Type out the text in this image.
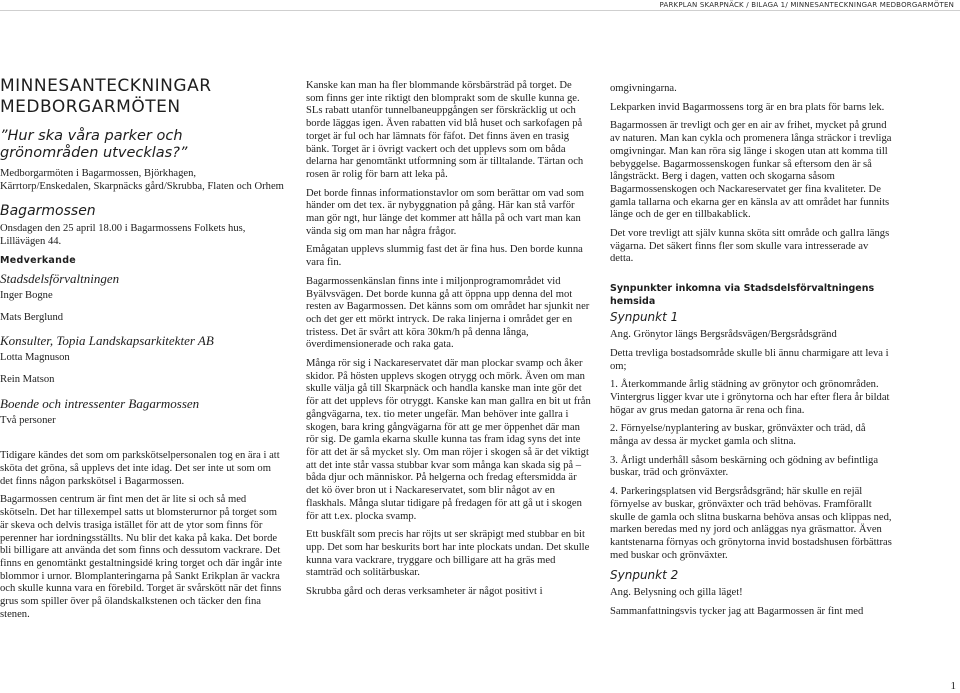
PARKPLAN SKARPNÄCK / BILAGA 1/ MINNESANTECKNINGAR MEDBORGARMÖTEN
MINNESANTECKNINGAR MEDBORGARMÖTEN
”Hur ska våra parker och grönområden utvecklas?”

Medborgarmöten i Bagarmossen, Björkhagen, Kärrtorp/Enskedalen, Skarpnäcks gård/Skrubba, Flaten och Orhem

Bagarmossen

Onsdagen den 25 april 18.00 i Bagarmossens Folkets hus, Lillävägen 44.

Medverkande
Stadsdelsförvaltningen
Inger Bogne
Mats Berglund
Konsulter, Topia Landskapsarkitekter AB
Lotta Magnuson
Rein Matson
Boende och intressenter Bagarmossen
Två personer

Tidigare kändes det som om parkskötselpersonalen tog en ära i att sköta det gröna, så upplevs det inte idag. Det ser inte ut som om det finns någon parkskötsel i Bagarmossen.

Bagarmossen centrum är fint men det är lite si och så med skötseln. Det har tillexempel satts ut blomsterurnor på torget som är skeva och delvis trasiga istället för att de ytor som finns för perenner har iordningsställts. Nu blir det kaka på kaka. Det borde bli billigare att använda det som finns och dessutom vackrare. Det finns en genomtänkt gestaltningsidé kring torget och där ingår inte blommor i urnor. Blomplanteringarna på Sankt Erikplan är vackra och skulle kunna vara en förebild. Torget är svårskött när det finns grus som spiller över på ölandskalkstenen och täcker den fina stenen.

Kanske kan man ha fler blommande körsbärsträd på torget. De som finns ger inte riktigt den blomprakt som de skulle kunna ge. SLs rabatt utanför tunnelbaneuppgången ser förskräcklig ut och borde läggas igen. Även rabatten vid blå huset och sarkofagen på torget är ful och har lämnats för fäfot. Det finns även en trasig bänk. Torget är i övrigt vackert och det upplevs som om båda delarna har genomtänkt utformning som är tilltalande. Tärtan och rosen är rolig för barn att leka på.

Det borde finnas informationstavlor om som berättar om vad som händer om det tex. är nybyggnation på gång. Här kan stå varför man gör ngt, hur länge det kommer att hålla på och vart man kan vända sig om man har några frågor.

Emågatan upplevs slummig fast det är fina hus. Den borde kunna vara fin.

Bagarmossenkänslan finns inte i miljonprogramområdet vid Byälvsvägen. Det borde kunna gå att öppna upp denna del mot resten av Bagarmossen. Det känns som om området har sjunkit ner och det ger ett mörkt intryck. De raka linjerna i området ger en tristess. Det är svårt att köra 30km/h på denna långa, överdimensionerade och raka gata.

Många rör sig i Nackareservatet där man plockar svamp och åker skidor. På hösten upplevs skogen otrygg och mörk. Även om man skulle välja gå till Skarpnäck och handla kanske man inte gör det för att det upplevs för otryggt. Kanske kan man gallra en bit ut från gångvägarna, tex. tio meter ungefär. Man behöver inte gallra i skogen, bara kring gångvägarna för att ge mer öppenhet där man rör sig. De gamla ekarna skulle kunna tas fram idag syns det inte för att det är så mycket sly. Om man röjer i skogen så är det viktigt att det inte står vassa stubbar kvar som många kan skada sig på – båda djur och människor. På helgerna och fredag eftersmidda är det kö över bron ut i Nackareservatet, som blir något av en flaskhals. Många slutar tidigare på fredagen för att gå ut i skogen för att t.ex. plocka svamp.

Ett buskfält som precis har röjts ut ser skräpigt med stubbar en bit upp. Det som har beskurits bort har inte plockats undan. Det skulle kunna vara vackrare, tryggare och billigare att ha gräs med stamträd och solitärbuskar.

Skrubba gård och deras verksamheter är något positivt i

omgivningarna.

Lekparken invid Bagarmossens torg är en bra plats för barns lek.

Bagarmossen är trevligt och ger en air av frihet, mycket på grund av naturen. Man kan cykla och promenera långa sträckor i trevliga omgivningar. Man kan röra sig länge i skogen utan att komma till bebyggelse. Bagarmossenskogen funkar så eftersom den är så långsträckt. Berg i dagen, vatten och skogarna såsom Bagarmossenskogen och Nackareservatet ger fina kvaliteter. De gamla tallarna och ekarna ger en känsla av att området har funnits länge och de ger en tillbakablick.

Det vore trevligt att själv kunna sköta sitt område och gallra längs vägarna. Det säkert finns fler som skulle vara intresserade av detta.

Synpunkter inkomna via Stadsdelsförvaltningens hemsida
Synpunkt 1

Ang. Grönytor längs Bergsrådsvägen/Bergsrådsgränd

Detta trevliga bostadsområde skulle bli ännu charmigare att leva i om;

1. Återkommande årlig städning av grönytor och grönområden. Vintergrus ligger kvar ute i grönytorna och har efter flera år bildat högar av grus medan gatorna är rena och fina.

2. Förnyelse/nyplantering av buskar, grönväxter och träd, då många av dessa är mycket gamla och slitna.

3. Årligt underhåll såsom beskärning och gödning av befintliga buskar, träd och grönväxter.

4. Parkeringsplatsen vid Bergsrådsgränd; här skulle en rejäl förnyelse av buskar, grönväxter och träd behövas. Framförallt skulle de gamla och slitna buskarna behöva ansas och klippas ned, marken beredas med ny jord och anläggas nya gräsmattor. Även kantstenarna förnyas och grönytorna invid bostadshusen förbättras med buskar och grönväxter.

Synpunkt 2

Ang. Belysning och gilla läget!

Sammanfattningsvis tycker jag att Bagarmossen är fint med

1
